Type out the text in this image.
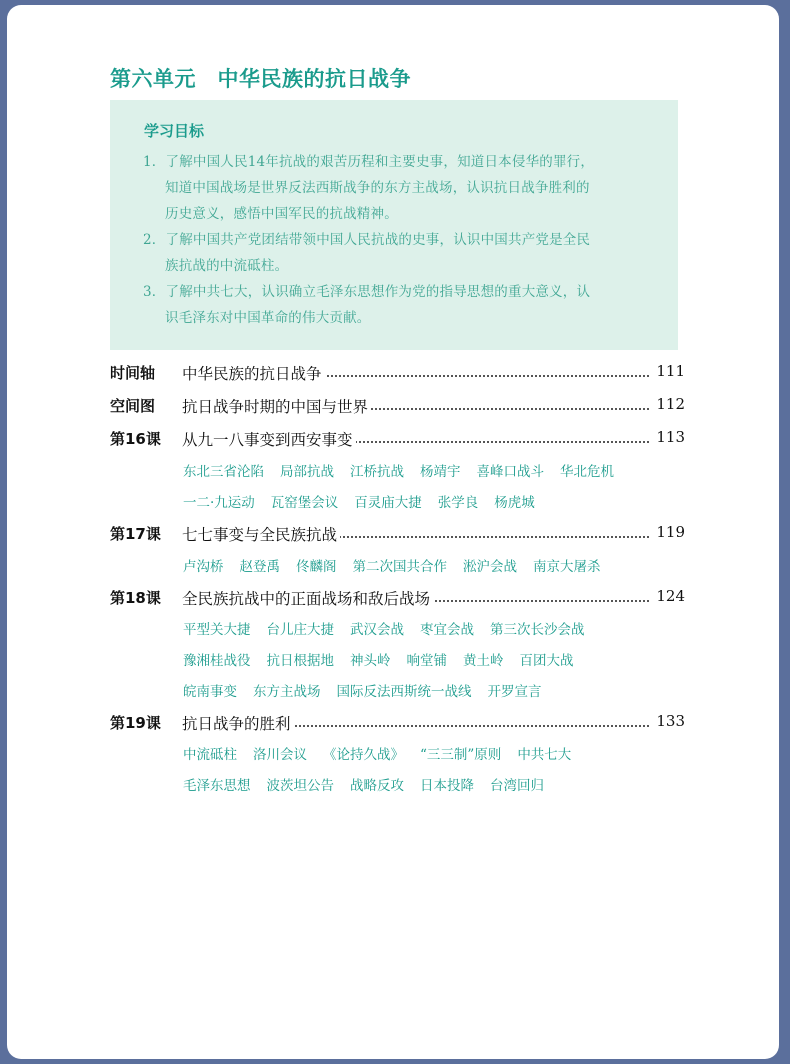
第六单元　中华民族的抗日战争
学习目标
1．了解中国人民14年抗战的艰苦历程和主要史事，知道日本侵华的罪行，
知道中国战场是世界反法西斯战争的东方主战场，认识抗日战争胜利的
历史意义，感悟中国军民的抗战精神。
2．了解中国共产党团结带领中国人民抗战的史事，认识中国共产党是全民
族抗战的中流砥柱。
3．了解中共七大，认识确立毛泽东思想作为党的指导思想的重大意义，认
识毛泽东对中国革命的伟大贡献。
时间轴 中华民族的抗日战争	111
空间图 抗日战争时期的中国与世界	112
第16课 从九一八事变到西安事变	113
东北三省沦陷 局部抗战 江桥抗战 杨靖宇 喜峰口战斗 华北危机
一二·九运动 瓦窑堡会议 百灵庙大捷 张学良 杨虎城
第17课 七七事变与全民族抗战	119
卢沟桥 赵登禹 佟麟阁 第二次国共合作 淞沪会战 南京大屠杀
第18课 全民族抗战中的正面战场和敌后战场	124
平型关大捷 台儿庄大捷 武汉会战 枣宜会战 第三次长沙会战
豫湘桂战役 抗日根据地 神头岭 响堂铺 黄土岭 百团大战
皖南事变 东方主战场 国际反法西斯统一战线 开罗宣言
第19课 抗日战争的胜利	133
中流砥柱 洛川会议 《论持久战》 “三三制”原则 中共七大
毛泽东思想 波茨坦公告 战略反攻 日本投降 台湾回归
